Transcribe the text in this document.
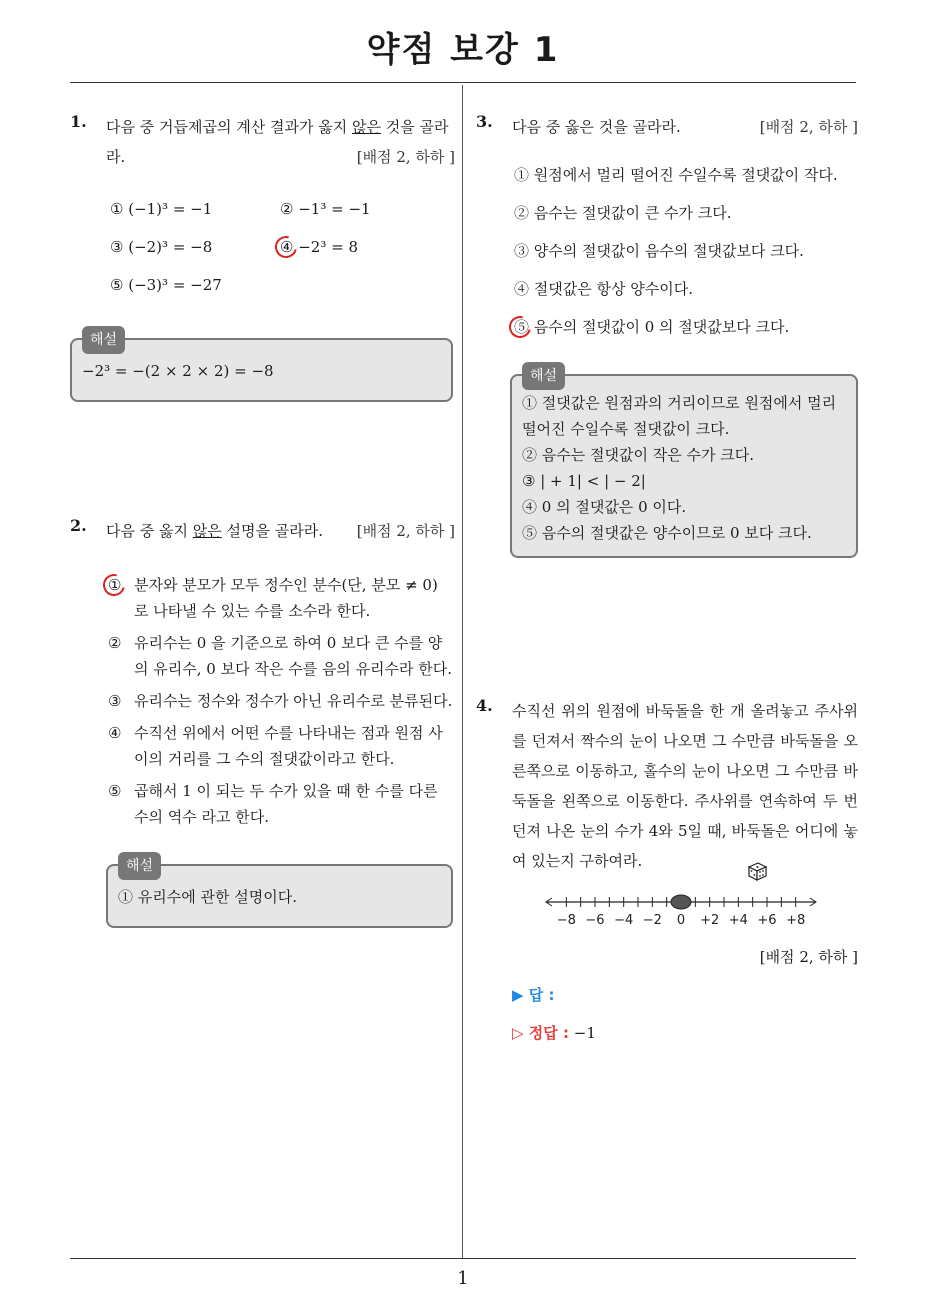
약점 보강 1
1. 다음 중 거듭제곱의 계산 결과가 옳지 않은 것을 골라라.	[배점 2, 하하 ]
① (−1)³ = −1	② −1³ = −1
③ (−2)³ = −8	④ −2³ = 8
⑤ (−3)³ = −27
해설
−2³ = −(2 × 2 × 2) = −8
2. 다음 중 옳지 않은 설명을 골라라. [배점 2, 하하 ]
① 분자와 분모가 모두 정수인 분수(단, 분모 ≠ 0) 로 나타낼 수 있는 수를 소수라 한다.
② 유리수는 0 을 기준으로 하여 0 보다 큰 수를 양의 유리수, 0 보다 작은 수를 음의 유리수라 한다.
③ 유리수는 정수와 정수가 아닌 유리수로 분류된다.
④ 수직선 위에서 어떤 수를 나타내는 점과 원점 사이의 거리를 그 수의 절댓값이라고 한다.
⑤ 곱해서 1 이 되는 두 수가 있을 때 한 수를 다른 수의 역수 라고 한다.
해설
① 유리수에 관한 설명이다.
3. 다음 중 옳은 것을 골라라.	[배점 2, 하하 ]
① 원점에서 멀리 떨어진 수일수록 절댓값이 작다.
② 음수는 절댓값이 큰 수가 크다.
③ 양수의 절댓값이 음수의 절댓값보다 크다.
④ 절댓값은 항상 양수이다.
⑤ 음수의 절댓값이 0 의 절댓값보다 크다.
해설
① 절댓값은 원점과의 거리이므로 원점에서 멀리 떨어진 수일수록 절댓값이 크다.
② 음수는 절댓값이 작은 수가 크다.
③ | + 1| < | − 2|
④ 0 의 절댓값은 0 이다.
⑤ 음수의 절댓값은 양수이므로 0 보다 크다.
4. 수직선 위의 원점에 바둑돌을 한 개 올려놓고 주사위를 던져서 짝수의 눈이 나오면 그 수만큼 바둑돌을 오른쪽으로 이동하고, 홀수의 눈이 나오면 그 수만큼 바둑돌을 왼쪽으로 이동한다. 주사위를 연속하여 두 번 던져 나온 눈의 수가 4와 5일 때, 바둑돌은 어디에 놓여 있는지 구하여라.
−8 −6 −4 −2 0 +2 +4 +6 +8
[배점 2, 하하 ]
▶ 답 :
▷ 정답 : −1
1
